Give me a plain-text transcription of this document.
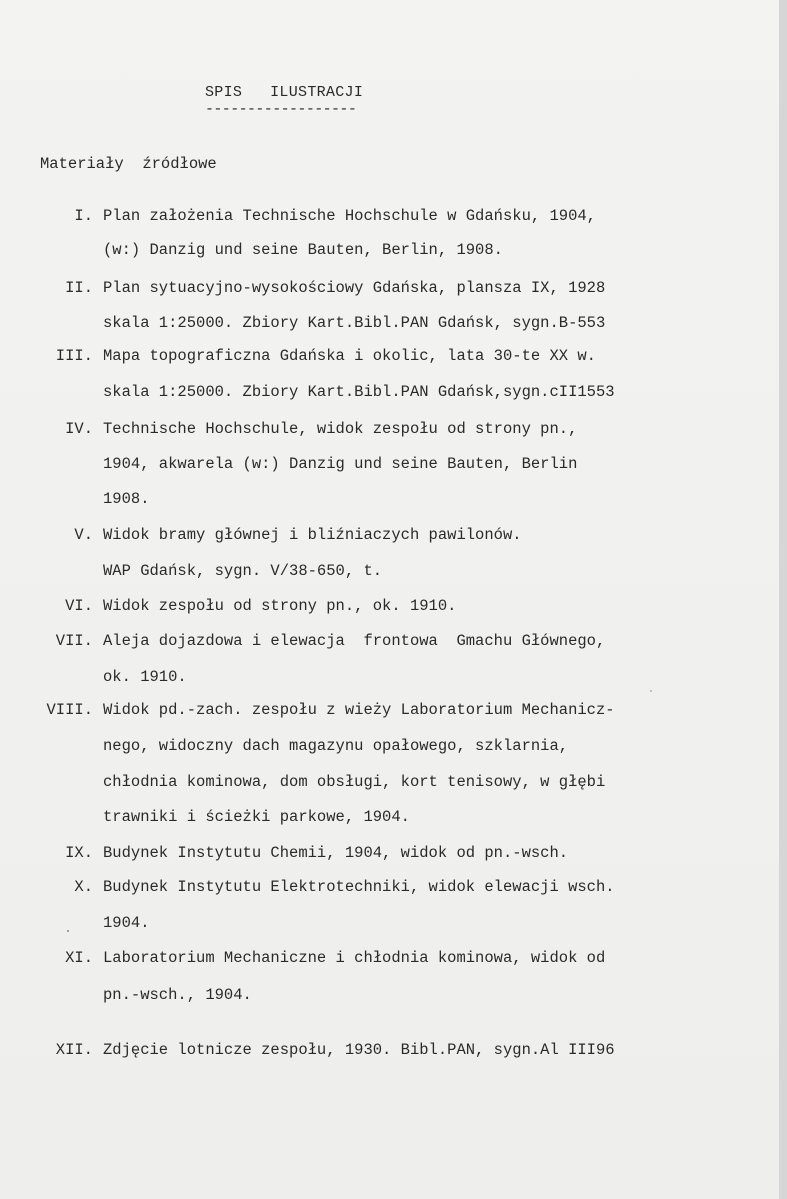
SPIS   ILUSTRACJI
------------------
Materiały  źródłowe
I. Plan założenia Technische Hochschule w Gdańsku, 1904,
(w:) Danzig und seine Bauten, Berlin, 1908.
II. Plan sytuacyjno-wysokościowy Gdańska, plansza IX, 1928
skala 1:25000. Zbiory Kart.Bibl.PAN Gdańsk, sygn.B-553
III. Mapa topograficzna Gdańska i okolic, lata 30-te XX w.
skala 1:25000. Zbiory Kart.Bibl.PAN Gdańsk,sygn.cII1553
IV. Technische Hochschule, widok zespołu od strony pn.,
1904, akwarela (w:) Danzig und seine Bauten, Berlin
1908.
V. Widok bramy głównej i bliźniaczych pawilonów.
WAP Gdańsk, sygn. V/38-650, t.
VI. Widok zespołu od strony pn., ok. 1910.
VII. Aleja dojazdowa i elewacja  frontowa  Gmachu Głównego,
ok. 1910.
VIII. Widok pd.-zach. zespołu z wieży Laboratorium Mechanicz-
nego, widoczny dach magazynu opałowego, szklarnia,
chłodnia kominowa, dom obsługi, kort tenisowy, w głębi
trawniki i ścieżki parkowe, 1904.
IX. Budynek Instytutu Chemii, 1904, widok od pn.-wsch.
X. Budynek Instytutu Elektrotechniki, widok elewacji wsch.
1904.
XI. Laboratorium Mechaniczne i chłodnia kominowa, widok od
pn.-wsch., 1904.
XII. Zdjęcie lotnicze zespołu, 1930. Bibl.PAN, sygn.Al III96
